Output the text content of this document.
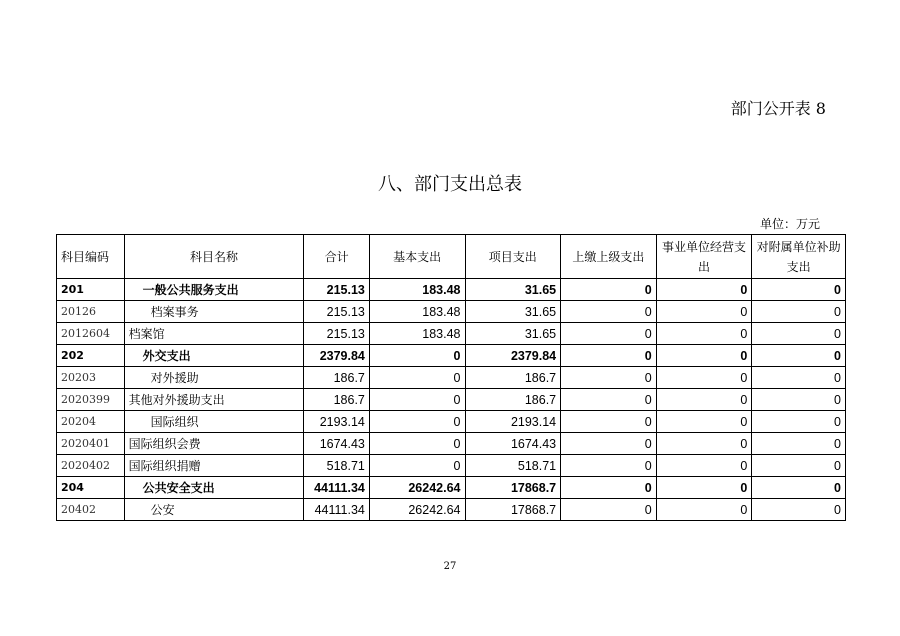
部门公开表 8
八、部门支出总表
单位：万元
科目编码	科目名称	合计	基本支出	项目支出	上缴上级支出	事业单位经营支出	对附属单位补助支出
201	一般公共服务支出	215.13	183.48	31.65	0	0	0
20126	档案事务	215.13	183.48	31.65	0	0	0
2012604	档案馆	215.13	183.48	31.65	0	0	0
202	外交支出	2379.84	0	2379.84	0	0	0
20203	对外援助	186.7	0	186.7	0	0	0
2020399	其他对外援助支出	186.7	0	186.7	0	0	0
20204	国际组织	2193.14	0	2193.14	0	0	0
2020401	国际组织会费	1674.43	0	1674.43	0	0	0
2020402	国际组织捐赠	518.71	0	518.71	0	0	0
204	公共安全支出	44111.34	26242.64	17868.7	0	0	0
20402	公安	44111.34	26242.64	17868.7	0	0	0
27
